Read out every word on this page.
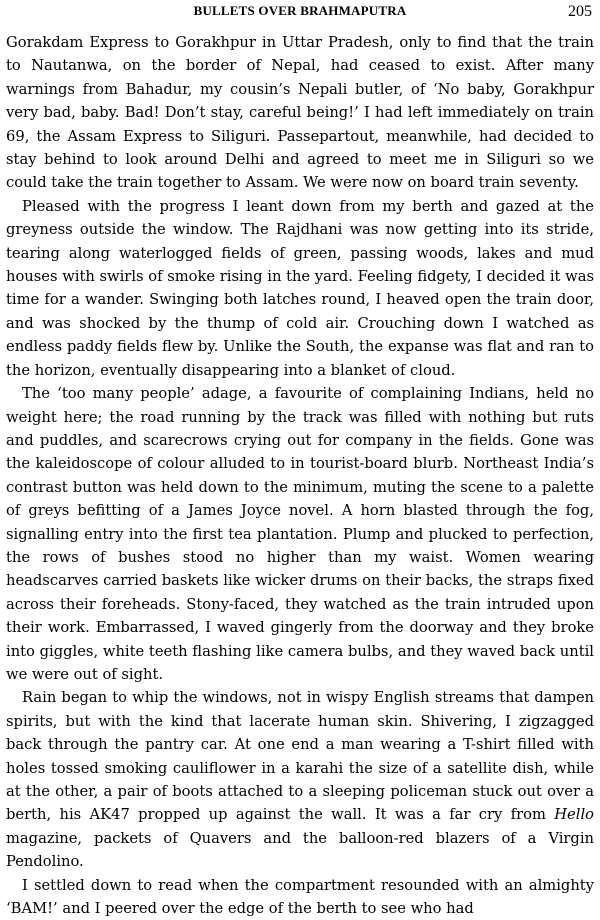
BULLETS OVER BRAHMAPUTRA	205

Gorakdam Express to Gorakhpur in Uttar Pradesh, only to find that the train to Nautanwa, on the border of Nepal, had ceased to exist. After many warnings from Bahadur, my cousin’s Nepali butler, of ‘No baby, Gorakhpur very bad, baby. Bad! Don’t stay, careful being!’ I had left immediately on train 69, the Assam Express to Siliguri. Passepartout, meanwhile, had decided to stay behind to look around Delhi and agreed to meet me in Siliguri so we could take the train together to Assam. We were now on board train seventy.

Pleased with the progress I leant down from my berth and gazed at the greyness outside the window. The Rajdhani was now getting into its stride, tearing along waterlogged fields of green, passing woods, lakes and mud houses with swirls of smoke rising in the yard. Feeling fidgety, I decided it was time for a wander. Swinging both latches round, I heaved open the train door, and was shocked by the thump of cold air. Crouching down I watched as endless paddy fields flew by. Unlike the South, the expanse was flat and ran to the horizon, eventually disappearing into a blanket of cloud.

The ‘too many people’ adage, a favourite of complaining Indians, held no weight here; the road running by the track was filled with nothing but ruts and puddles, and scarecrows crying out for company in the fields. Gone was the kaleidoscope of colour alluded to in tourist-board blurb. Northeast India’s contrast button was held down to the minimum, muting the scene to a palette of greys befitting of a James Joyce novel. A horn blasted through the fog, signalling entry into the first tea plantation. Plump and plucked to perfection, the rows of bushes stood no higher than my waist. Women wearing headscarves carried baskets like wicker drums on their backs, the straps fixed across their foreheads. Stony-faced, they watched as the train intruded upon their work. Embarrassed, I waved gingerly from the doorway and they broke into giggles, white teeth flashing like camera bulbs, and they waved back until we were out of sight.

Rain began to whip the windows, not in wispy English streams that dampen spirits, but with the kind that lacerate human skin. Shivering, I zigzagged back through the pantry car. At one end a man wearing a T-shirt filled with holes tossed smoking cauliflower in a karahi the size of a satellite dish, while at the other, a pair of boots attached to a sleeping policeman stuck out over a berth, his AK47 propped up against the wall. It was a far cry from Hello magazine, packets of Quavers and the balloon-red blazers of a Virgin Pendolino.

I settled down to read when the compartment resounded with an almighty ‘BAM!’ and I peered over the edge of the berth to see who had
